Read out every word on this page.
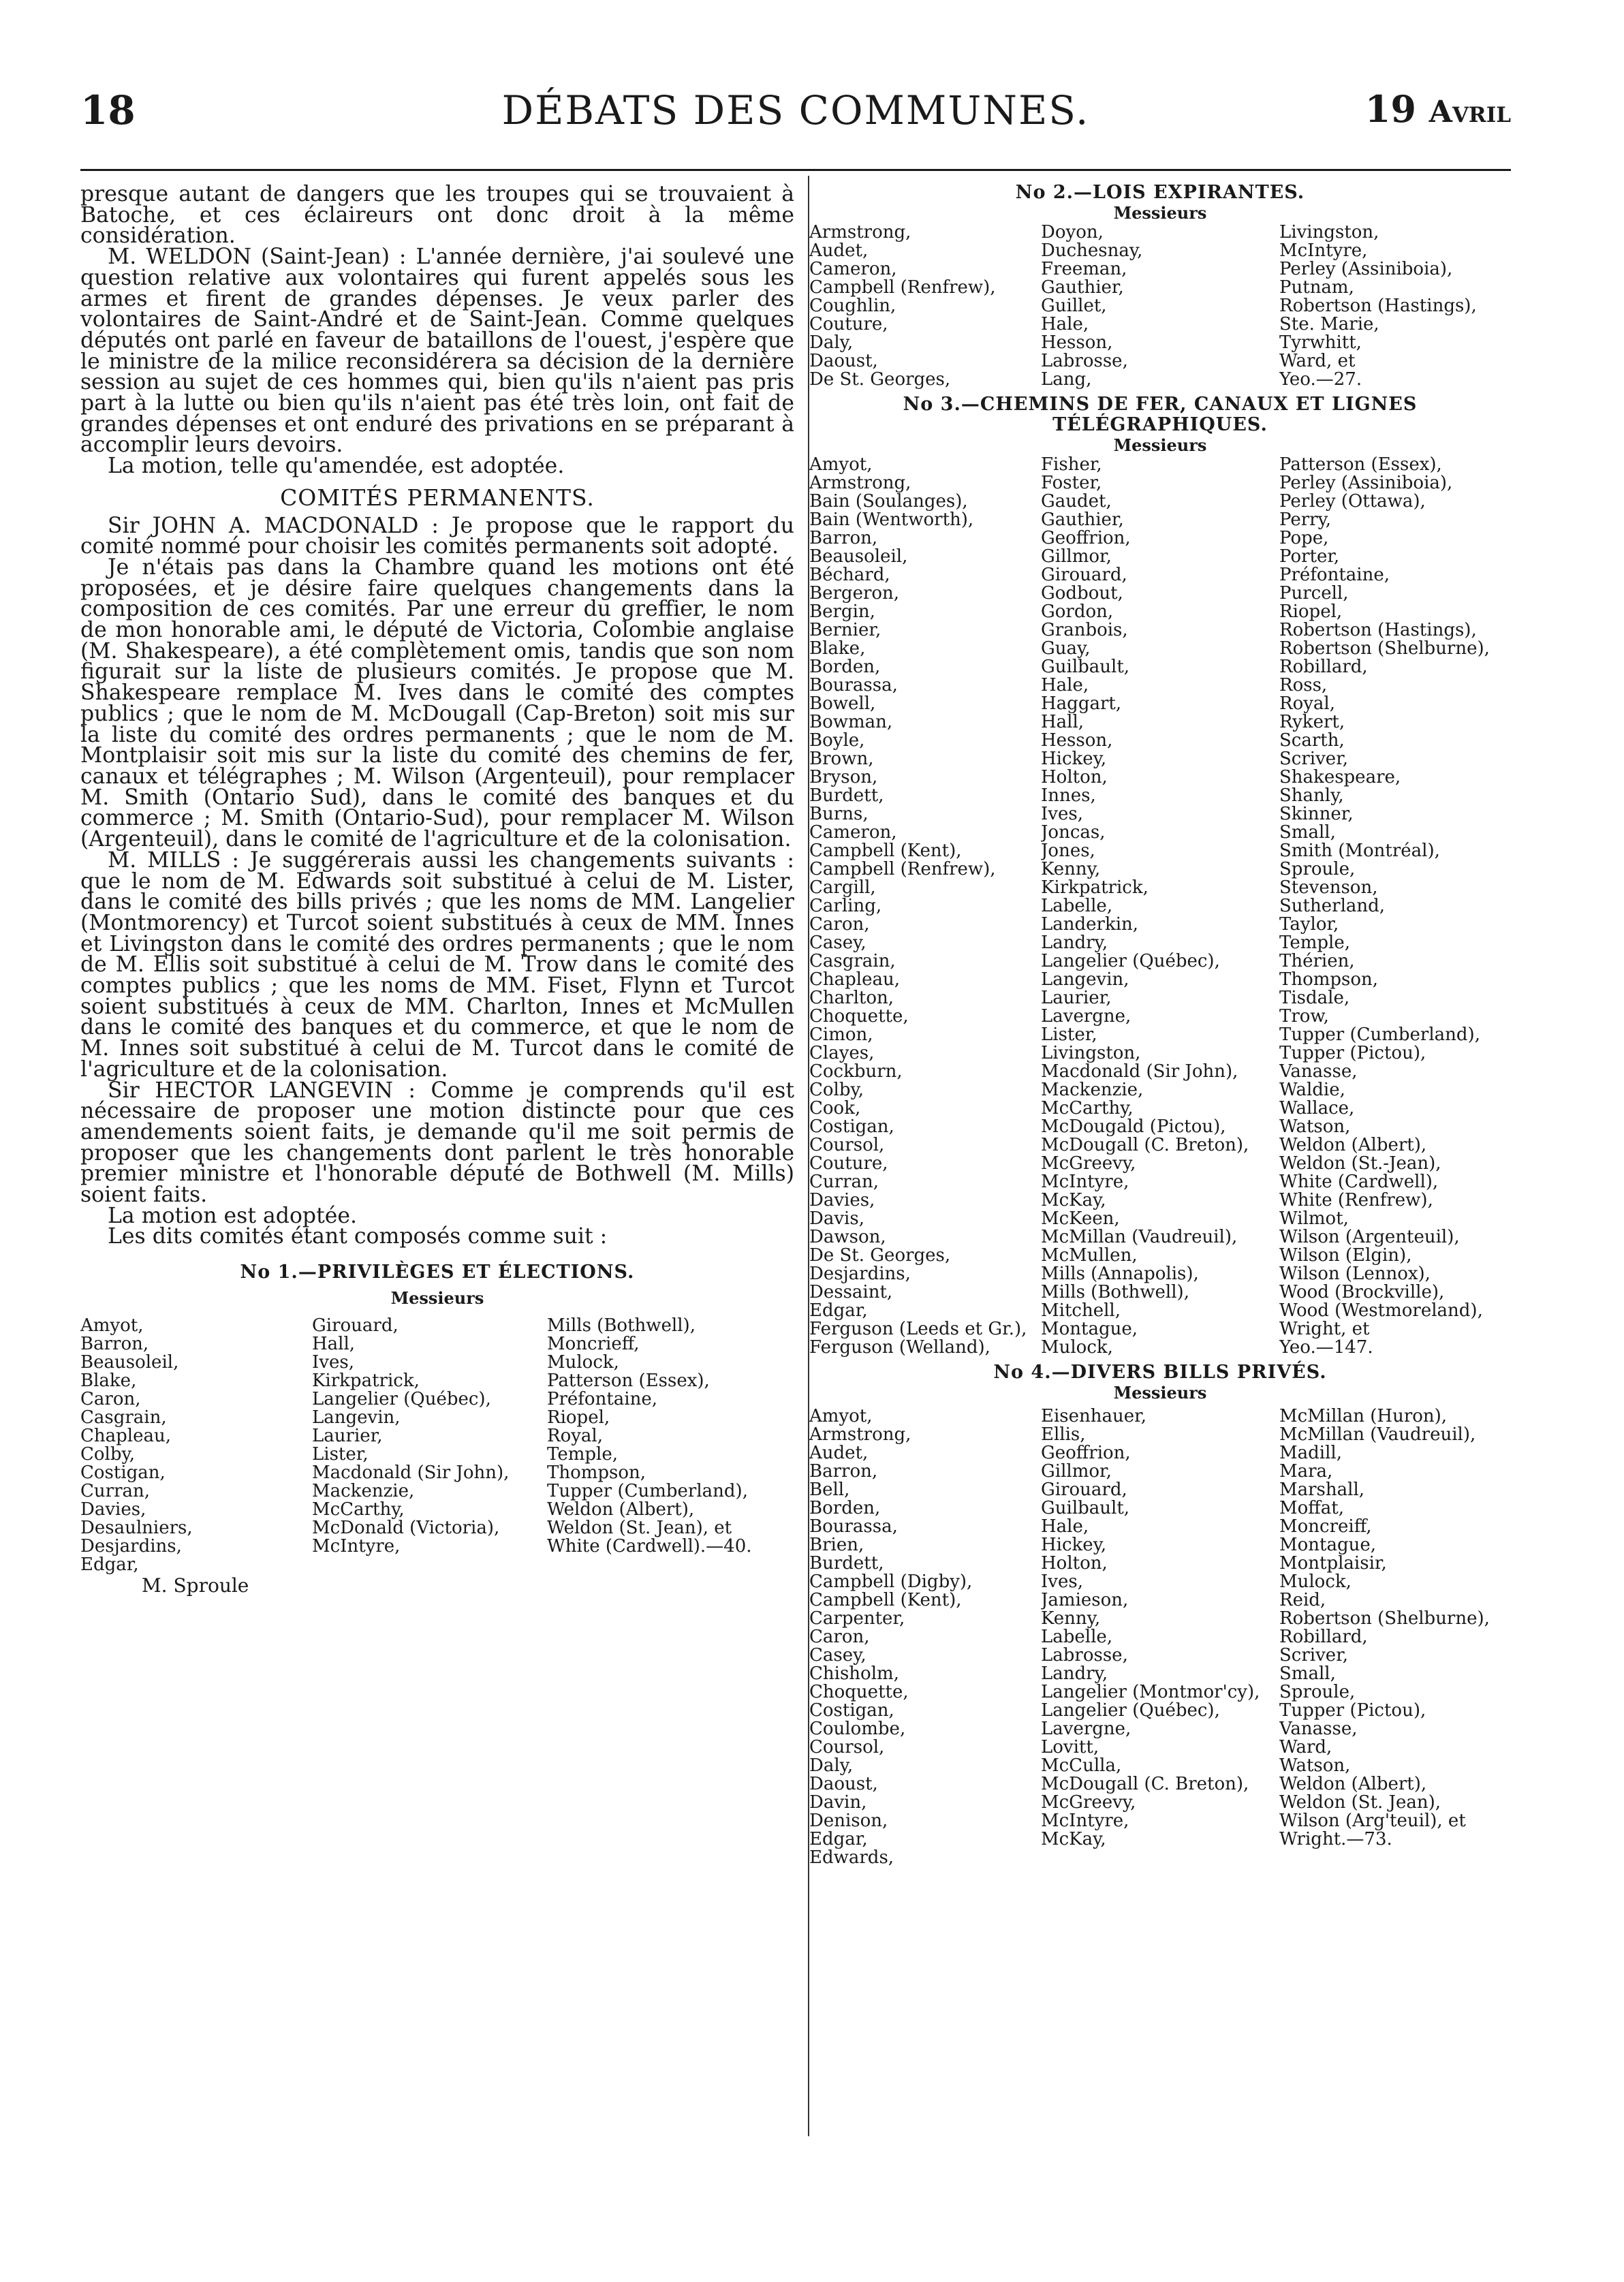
18	DÉBATS DES COMMUNES.	19 Avril

presque autant de dangers que les troupes qui se trouvaient à Batoche, et ces éclaireurs ont donc droit à la même considération.

M. WELDON (Saint-Jean) : L'année dernière, j'ai soulevé une question relative aux volontaires qui furent appelés sous les armes et firent de grandes dépenses. Je veux parler des volontaires de Saint-André et de Saint-Jean. Comme quelques députés ont parlé en faveur de bataillons de l'ouest, j'espère que le ministre de la milice reconsidérera sa décision de la dernière session au sujet de ces hommes qui, bien qu'ils n'aient pas pris part à la lutte ou bien qu'ils n'aient pas été très loin, ont fait de grandes dépenses et ont enduré des privations en se préparant à accomplir leurs devoirs.

La motion, telle qu'amendée, est adoptée.

COMITÉS PERMANENTS.

Sir JOHN A. MACDONALD : Je propose que le rapport du comité nommé pour choisir les comités permanents soit adopté.

Je n'étais pas dans la Chambre quand les motions ont été proposées, et je désire faire quelques changements dans la composition de ces comités. Par une erreur du greffier, le nom de mon honorable ami, le député de Victoria, Colombie anglaise (M. Shakespeare), a été complètement omis, tandis que son nom figurait sur la liste de plusieurs comités. Je propose que M. Shakespeare remplace M. Ives dans le comité des comptes publics ; que le nom de M. McDougall (Cap-Breton) soit mis sur la liste du comité des ordres permanents ; que le nom de M. Montplaisir soit mis sur la liste du comité des chemins de fer, canaux et télégraphes ; M. Wilson (Argenteuil), pour remplacer M. Smith (Ontario Sud), dans le comité des banques et du commerce ; M. Smith (Ontario-Sud), pour remplacer M. Wilson (Argenteuil), dans le comité de l'agriculture et de la colonisation.

M. MILLS : Je suggérerais aussi les changements suivants : que le nom de M. Edwards soit substitué à celui de M. Lister, dans le comité des bills privés ; que les noms de MM. Langelier (Montmorency) et Turcot soient substitués à ceux de MM. Innes et Livingston dans le comité des ordres permanents ; que le nom de M. Ellis soit substitué à celui de M. Trow dans le comité des comptes publics ; que les noms de MM. Fiset, Flynn et Turcot soient substitués à ceux de MM. Charlton, Innes et McMullen dans le comité des banques et du commerce, et que le nom de M. Innes soit substitué à celui de M. Turcot dans le comité de l'agriculture et de la colonisation.

Sir HECTOR LANGEVIN : Comme je comprends qu'il est nécessaire de proposer une motion distincte pour que ces amendements soient faits, je demande qu'il me soit permis de proposer que les changements dont parlent le très honorable premier ministre et l'honorable député de Bothwell (M. Mills) soient faits.

La motion est adoptée.

Les dits comités étant composés comme suit :

No 1.—PRIVILÈGES ET ÉLECTIONS.
Messieurs
Amyot,
Barron,
Beausoleil,
Blake,
Caron,
Casgrain,
Chapleau,
Colby,
Costigan,
Curran,
Davies,
Desaulniers,
Desjardins,
Edgar,
Girouard,
Hall,
Ives,
Kirkpatrick,
Langelier (Québec),
Langevin,
Laurier,
Lister,
Macdonald (Sir John),
Mackenzie,
McCarthy,
McDonald (Victoria),
McIntyre,

Mills (Bothwell),
Moncrieff,
Mulock,
Patterson (Essex),
Préfontaine,
Riopel,
Royal,
Temple,
Thompson,
Tupper (Cumberland),
Weldon (Albert),
Weldon (St. Jean), et
White (Cardwell).—40.

M. Sproule
No 2.—LOIS EXPIRANTES.
Messieurs
Armstrong,
Audet,
Cameron,
Campbell (Renfrew),
Coughlin,
Couture,
Daly,
Daoust,
De St. Georges,
Doyon,
Duchesnay,
Freeman,
Gauthier,
Guillet,
Hale,
Hesson,
Labrosse,
Lang,
Livingston,
McIntyre,
Perley (Assiniboia),
Putnam,
Robertson (Hastings),
Ste. Marie,
Tyrwhitt,
Ward, et
Yeo.—27.
No 3.—CHEMINS DE FER, CANAUX ET LIGNES TÉLÉGRAPHIQUES.
Messieurs
Amyot,
Armstrong,
Bain (Soulanges),
Bain (Wentworth),
Barron,
Beausoleil,
Béchard,
Bergeron,
Bergin,
Bernier,
Blake,
Borden,
Bourassa,
Bowell,
Bowman,
Boyle,
Brown,
Bryson,
Burdett,
Burns,
Cameron,
Campbell (Kent),
Campbell (Renfrew),
Cargill,
Carling,
Caron,
Casey,
Casgrain,
Chapleau,
Charlton,
Choquette,
Cimon,
Clayes,
Cockburn,
Colby,
Cook,
Costigan,
Coursol,
Couture,
Curran,
Davies,
Davis,
Dawson,
De St. Georges,
Desjardins,
Dessaint,
Edgar,
Ferguson (Leeds et Gr.),
Ferguson (Welland),
Fisher,
Foster,
Gaudet,
Gauthier,
Geoffrion,
Gillmor,
Girouard,
Godbout,
Gordon,
Granbois,
Guay,
Guilbault,
Hale,
Haggart,
Hall,
Hesson,
Hickey,
Holton,
Innes,
Ives,
Joncas,
Jones,
Kenny,
Kirkpatrick,
Labelle,
Landerkin,
Landry,
Langelier (Québec),
Langevin,
Laurier,
Lavergne,
Lister,
Livingston,
Macdonald (Sir John),
Mackenzie,
McCarthy,
McDougald (Pictou),
McDougall (C. Breton),
McGreevy,
McIntyre,
McKay,
McKeen,
McMillan (Vaudreuil),
McMullen,
Mills (Annapolis),
Mills (Bothwell),
Mitchell,
Montague,
Mulock,
Patterson (Essex),
Perley (Assiniboia),
Perley (Ottawa),
Perry,
Pope,
Porter,
Préfontaine,
Purcell,
Riopel,
Robertson (Hastings),
Robertson (Shelburne),
Robillard,
Ross,
Royal,
Rykert,
Scarth,
Scriver,
Shakespeare,
Shanly,
Skinner,
Small,
Smith (Montréal),
Sproule,
Stevenson,
Sutherland,
Taylor,
Temple,
Thérien,
Thompson,
Tisdale,
Trow,
Tupper (Cumberland),
Tupper (Pictou),
Vanasse,
Waldie,
Wallace,
Watson,
Weldon (Albert),
Weldon (St.-Jean),
White (Cardwell),
White (Renfrew),
Wilmot,
Wilson (Argenteuil),
Wilson (Elgin),
Wilson (Lennox),
Wood (Brockville),
Wood (Westmoreland),
Wright, et
Yeo.—147.
No 4.—DIVERS BILLS PRIVÉS.
Messieurs
Amyot,
Armstrong,
Audet,
Barron,
Bell,
Borden,
Bourassa,
Brien,
Burdett,
Campbell (Digby),
Campbell (Kent),
Carpenter,
Caron,
Casey,
Chisholm,
Choquette,
Costigan,
Coulombe,
Coursol,
Daly,
Daoust,
Davin,
Denison,
Edgar,
Edwards,
Eisenhauer,
Ellis,
Geoffrion,
Gillmor,
Girouard,
Guilbault,
Hale,
Hickey,
Holton,
Ives,
Jamieson,
Kenny,
Labelle,
Labrosse,
Landry,
Langelier (Montmor'cy),
Langelier (Québec),
Lavergne,
Lovitt,
McCulla,
McDougall (C. Breton),
McGreevy,
McIntyre,
McKay,

McMillan (Huron),
McMillan (Vaudreuil),
Madill,
Mara,
Marshall,
Moffat,
Moncreiff,
Montague,
Montplaisir,
Mulock,
Reid,
Robertson (Shelburne),
Robillard,
Scriver,
Small,
Sproule,
Tupper (Pictou),
Vanasse,
Ward,
Watson,
Weldon (Albert),
Weldon (St. Jean),
Wilson (Arg'teuil), et
Wright.—73.
